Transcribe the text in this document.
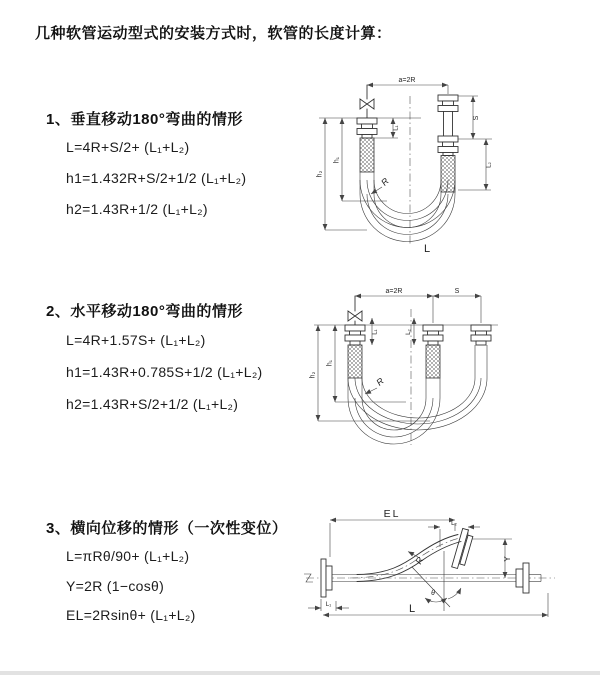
几种软管运动型式的安装方式时，软管的长度计算：
1、垂直移动180°弯曲的情形
L=4R+S/2+ (L₁+L₂)
h1=1.432R+S/2+1/2 (L₁+L₂)
h2=1.43R+1/2 (L₁+L₂)
2、水平移动180°弯曲的情形
L=4R+1.57S+ (L₁+L₂)
h1=1.43R+0.785S+1/2 (L₁+L₂)
h2=1.43R+S/2+1/2 (L₁+L₂)
3、横向位移的情形（一次性变位）
L=πRθ/90+ (L₁+L₂)
Y=2R (1−cosθ)
EL=2Rsinθ+ (L₁+L₂)
a=2R
h₁
h₂
L₁
S
L₂
R
L
a=2R	S
h₁
h₂
L₁	L₂
R
EL
L₂
Y
θ
R
L₁	L
